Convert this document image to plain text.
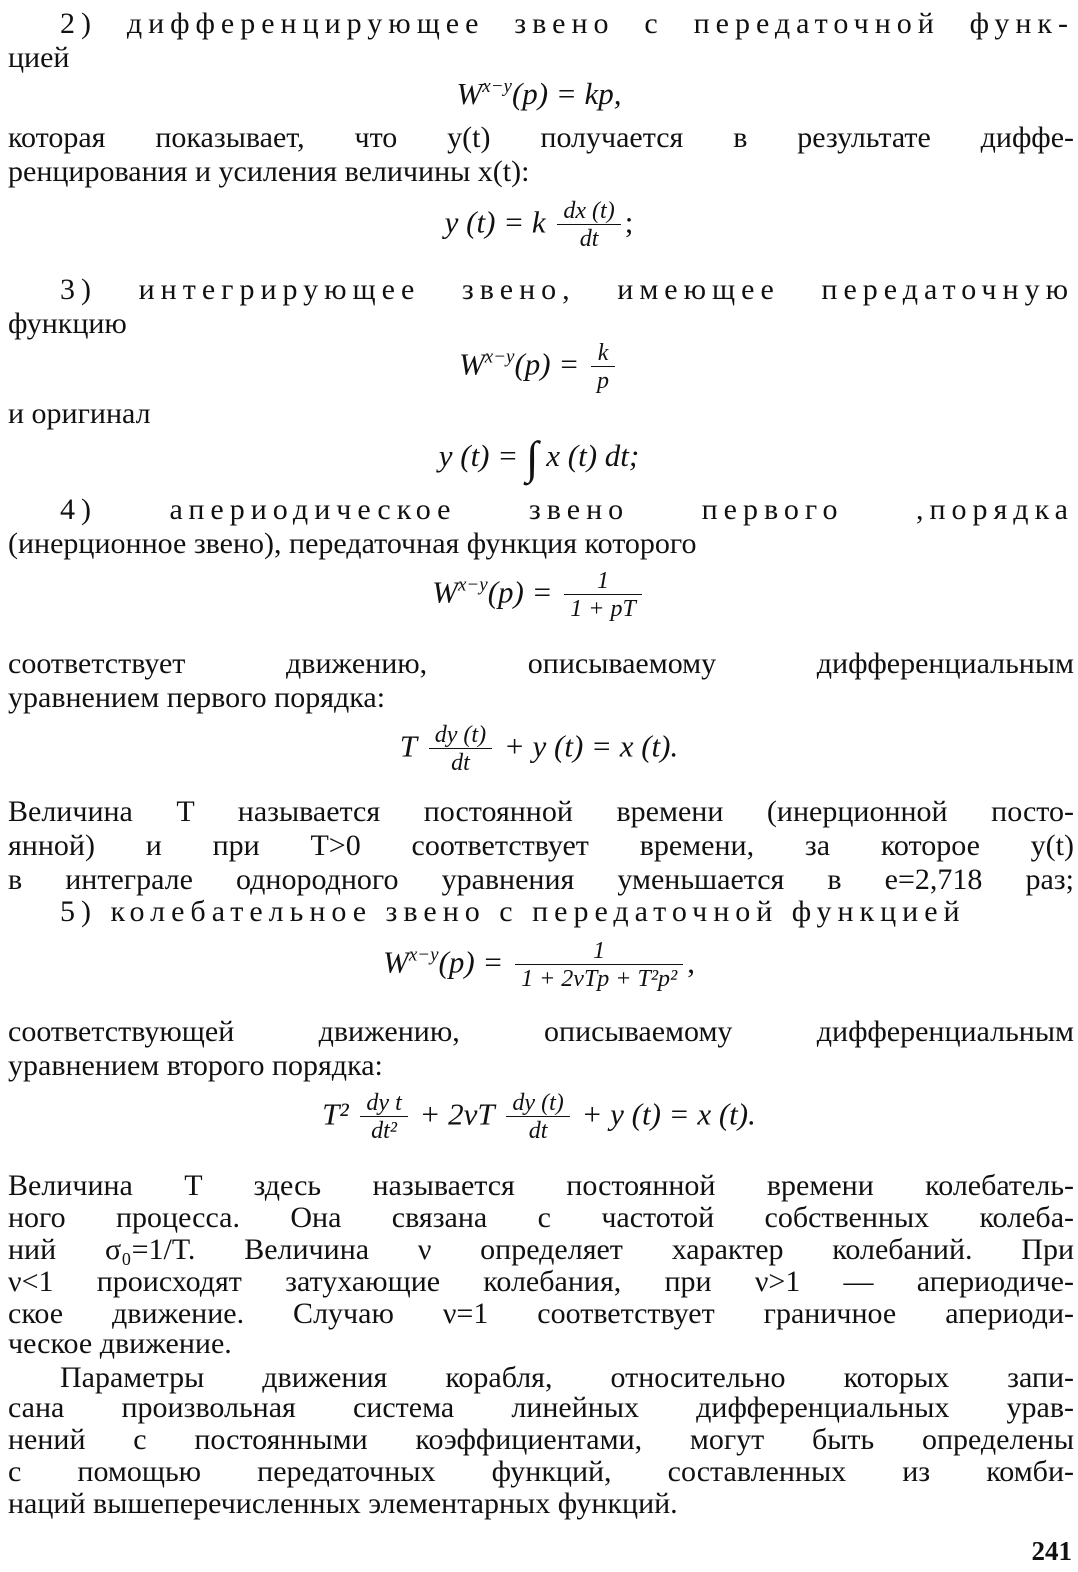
2) дифференцирующее звено с передаточной функ-
цией
$W^{x-y}(p)$ = kp,
которая показывает, что y(t) получается в результате диффе-
ренцирования и усиления величины x(t):
y (t) = k $\frac{dx (t)}{dt}$ ;
3) интегрирующее звено, имеющее передаточную
функцию
$W^{x-y}(p) = \frac{k}{p}$
и оригинал
y (t) = ∫ x (t) dt;
4) апериодическое звено первого ,порядка
(инерционное звено), передаточная функция которого
$W^{x-y}(p) = \frac{1}{1 + pT}$
соответствует движению, описываемому дифференциальным
уравнением первого порядка:
T $\frac{dy (t)}{dt} + y$ (t) = x (t).
Величина T называется постоянной времени (инерционной посто-
янной) и при T>0 соответствует времени, за которое y(t)
в интеграле однородного уравнения уменьшается в e=2,718 раз;
5) колебательное звено с передаточной функцией
$W^{x-y}(p) = \frac{1}{\text{1 + 2νTp + T²p²}}$ ,
соответствующей движению, описываемому дифференциальным
уравнением второго порядка:
$T^2 \frac{\text{dy t}}{\text{dt²}} + 2\nu T \frac{dy (t)}{dt} + y$ (t) = x (t).
Величина T здесь называется постоянной времени колебатель-
ного процесса. Она связана с частотой собственных колеба-
ний σ₀=1/T. Величина ν определяет характер колебаний. При
ν<1 происходят затухающие колебания, при ν>1 — апериодиче-
ское движение. Случаю ν=1 соответствует граничное апериоди-
ческое движение.
Параметры движения корабля, относительно которых запи-
сана произвольная система линейных дифференциальных урав-
нений с постоянными коэффициентами, могут быть определены
с помощью передаточных функций, составленных из комби-
наций вышеперечисленных элементарных функций.
241
